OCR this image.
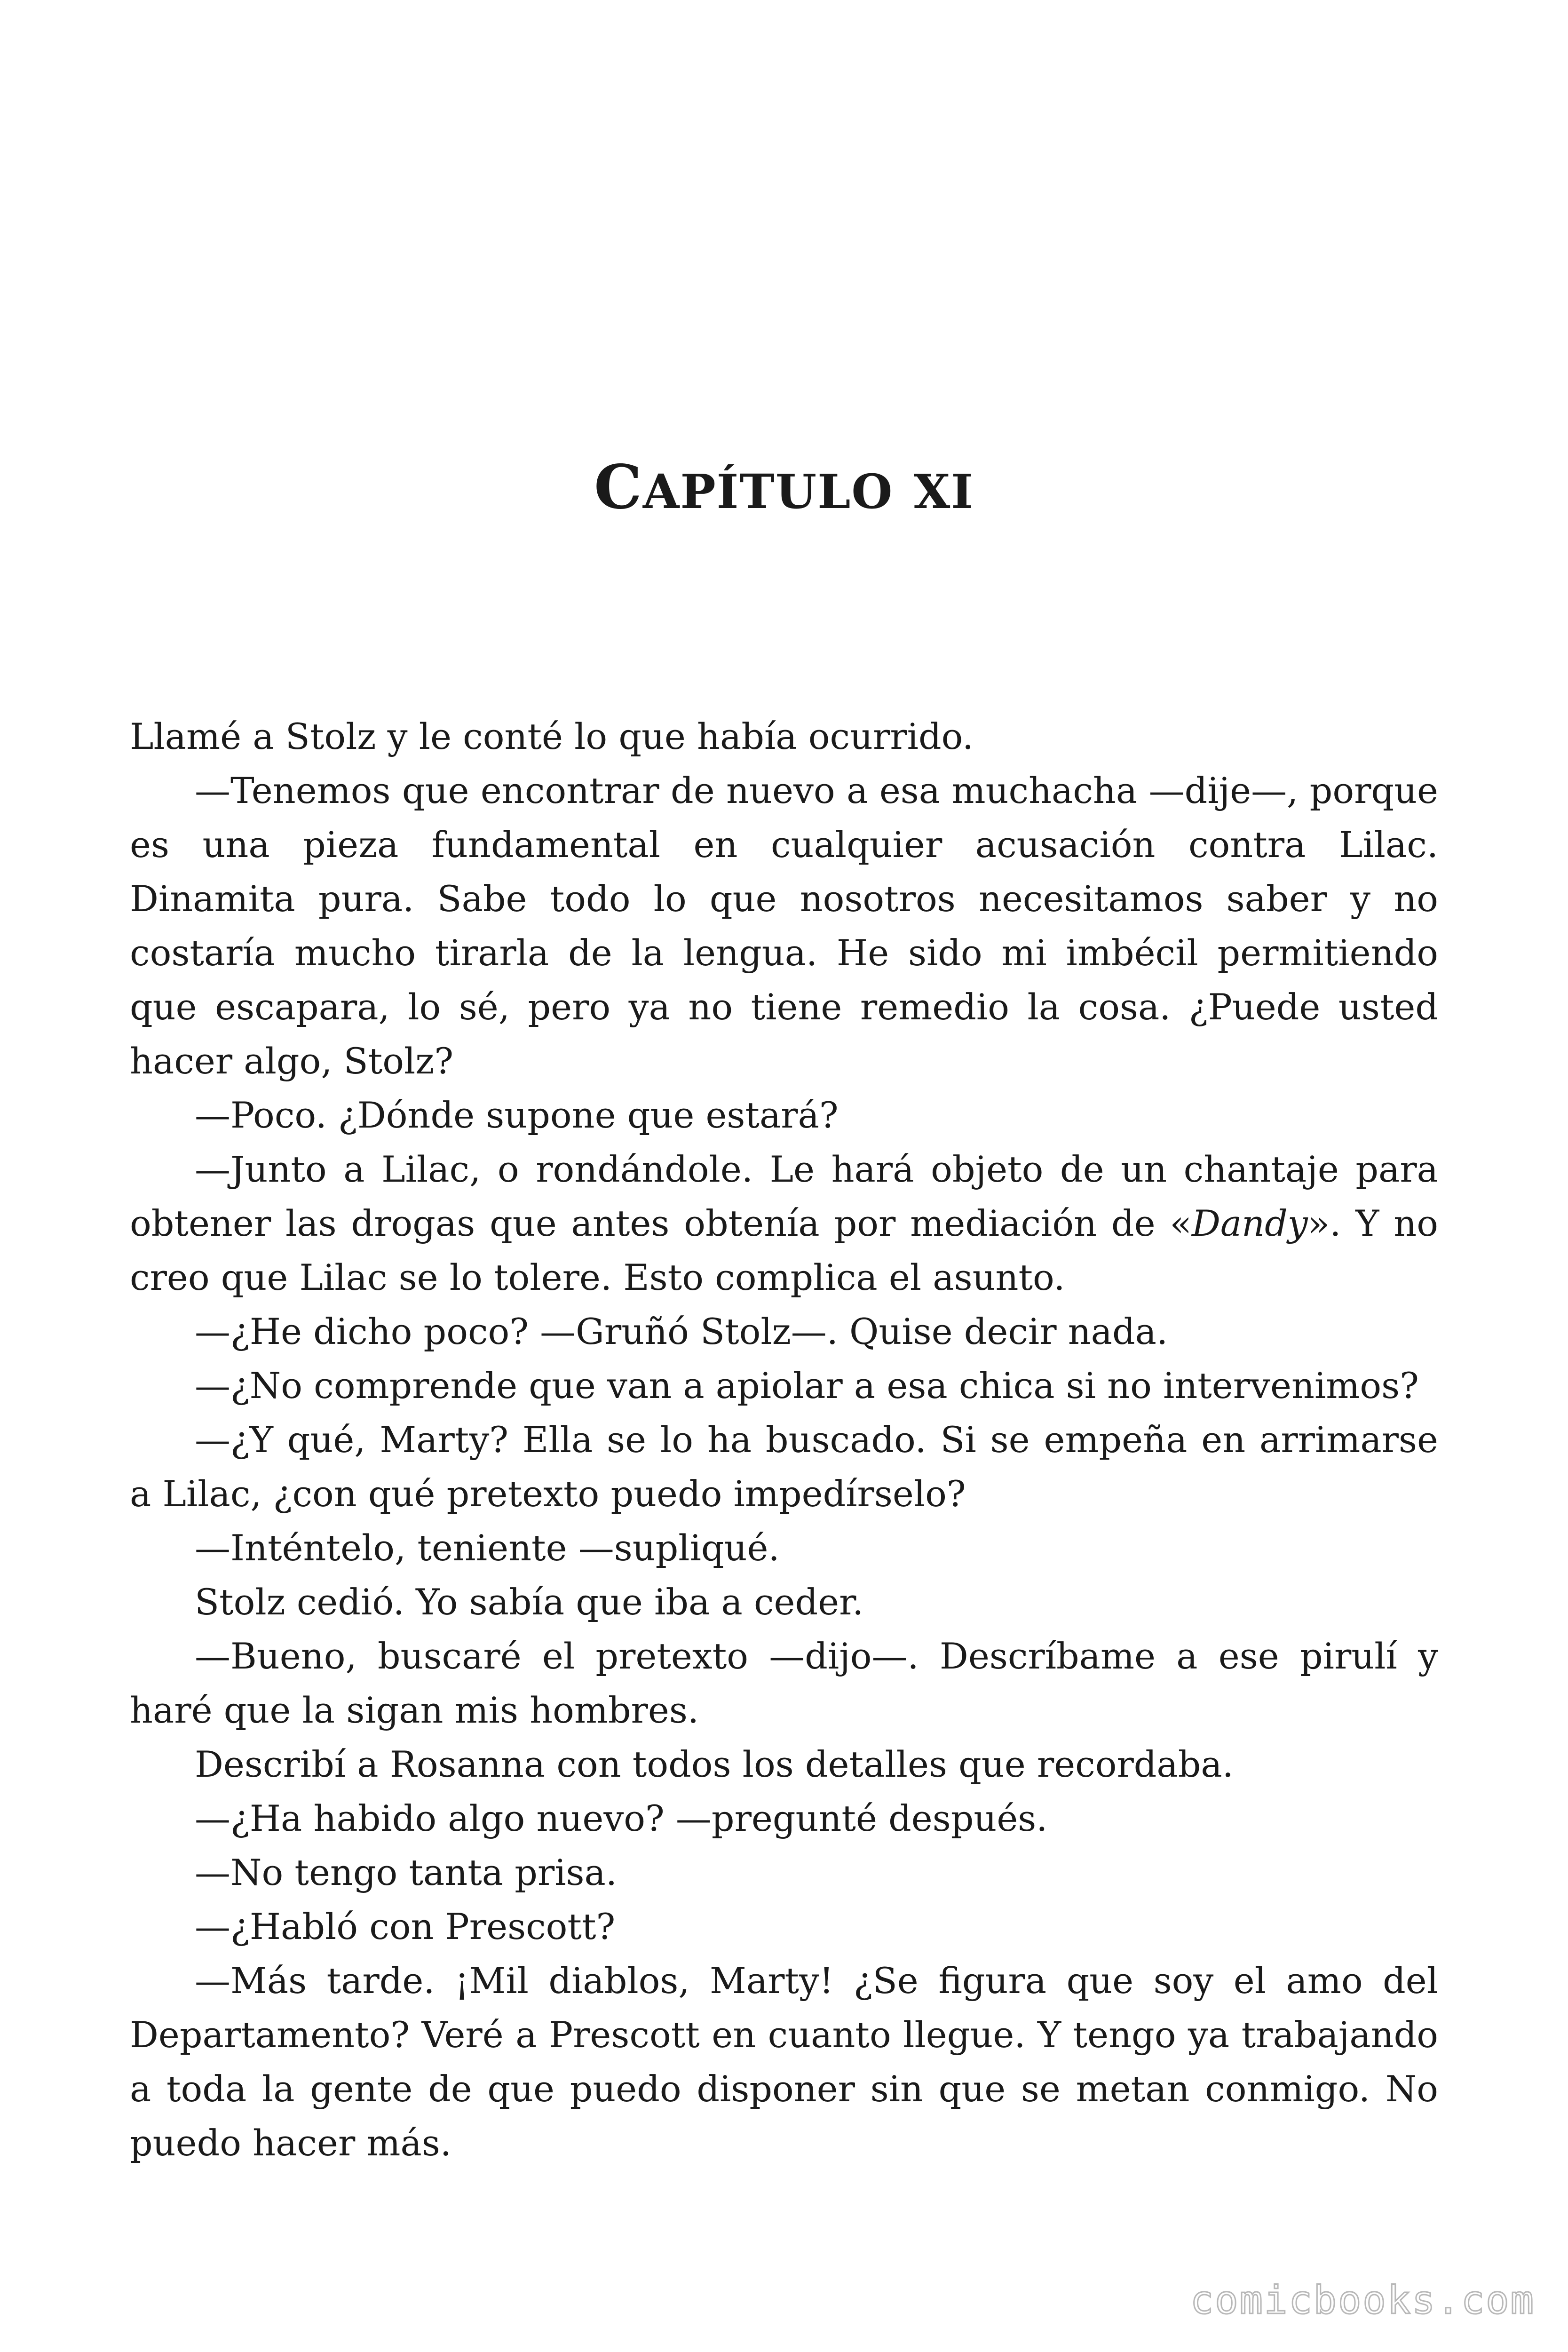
CAPÍTULO XI

Llamé a Stolz y le conté lo que había ocurrido.

—Tenemos que encontrar de nuevo a esa muchacha —dije—, porque es una pieza fundamental en cualquier acusación contra Lilac. Dinamita pura. Sabe todo lo que nosotros necesitamos saber y no costaría mucho tirarla de la lengua. He sido mi imbécil permitiendo que escapara, lo sé, pero ya no tiene remedio la cosa. ¿Puede usted hacer algo, Stolz?

—Poco. ¿Dónde supone que estará?

—Junto a Lilac, o rondándole. Le hará objeto de un chantaje para obtener las drogas que antes obtenía por mediación de «Dandy». Y no creo que Lilac se lo tolere. Esto complica el asunto.

—¿He dicho poco? —Gruñó Stolz—. Quise decir nada.

—¿No comprende que van a apiolar a esa chica si no intervenimos?

—¿Y qué, Marty? Ella se lo ha buscado. Si se empeña en arrimarse a Lilac, ¿con qué pretexto puedo impedírselo?

—Inténtelo, teniente —supliqué.

Stolz cedió. Yo sabía que iba a ceder.

—Bueno, buscaré el pretexto —dijo—. Descríbame a ese pirulí y haré que la sigan mis hombres.

Describí a Rosanna con todos los detalles que recordaba.

—¿Ha habido algo nuevo? —pregunté después.

—No tengo tanta prisa.

—¿Habló con Prescott?

—Más tarde. ¡Mil diablos, Marty! ¿Se figura que soy el amo del Departamento? Veré a Prescott en cuanto llegue. Y tengo ya trabajando a toda la gente de que puedo disponer sin que se metan conmigo. No puedo hacer más.

comicbooks.com
